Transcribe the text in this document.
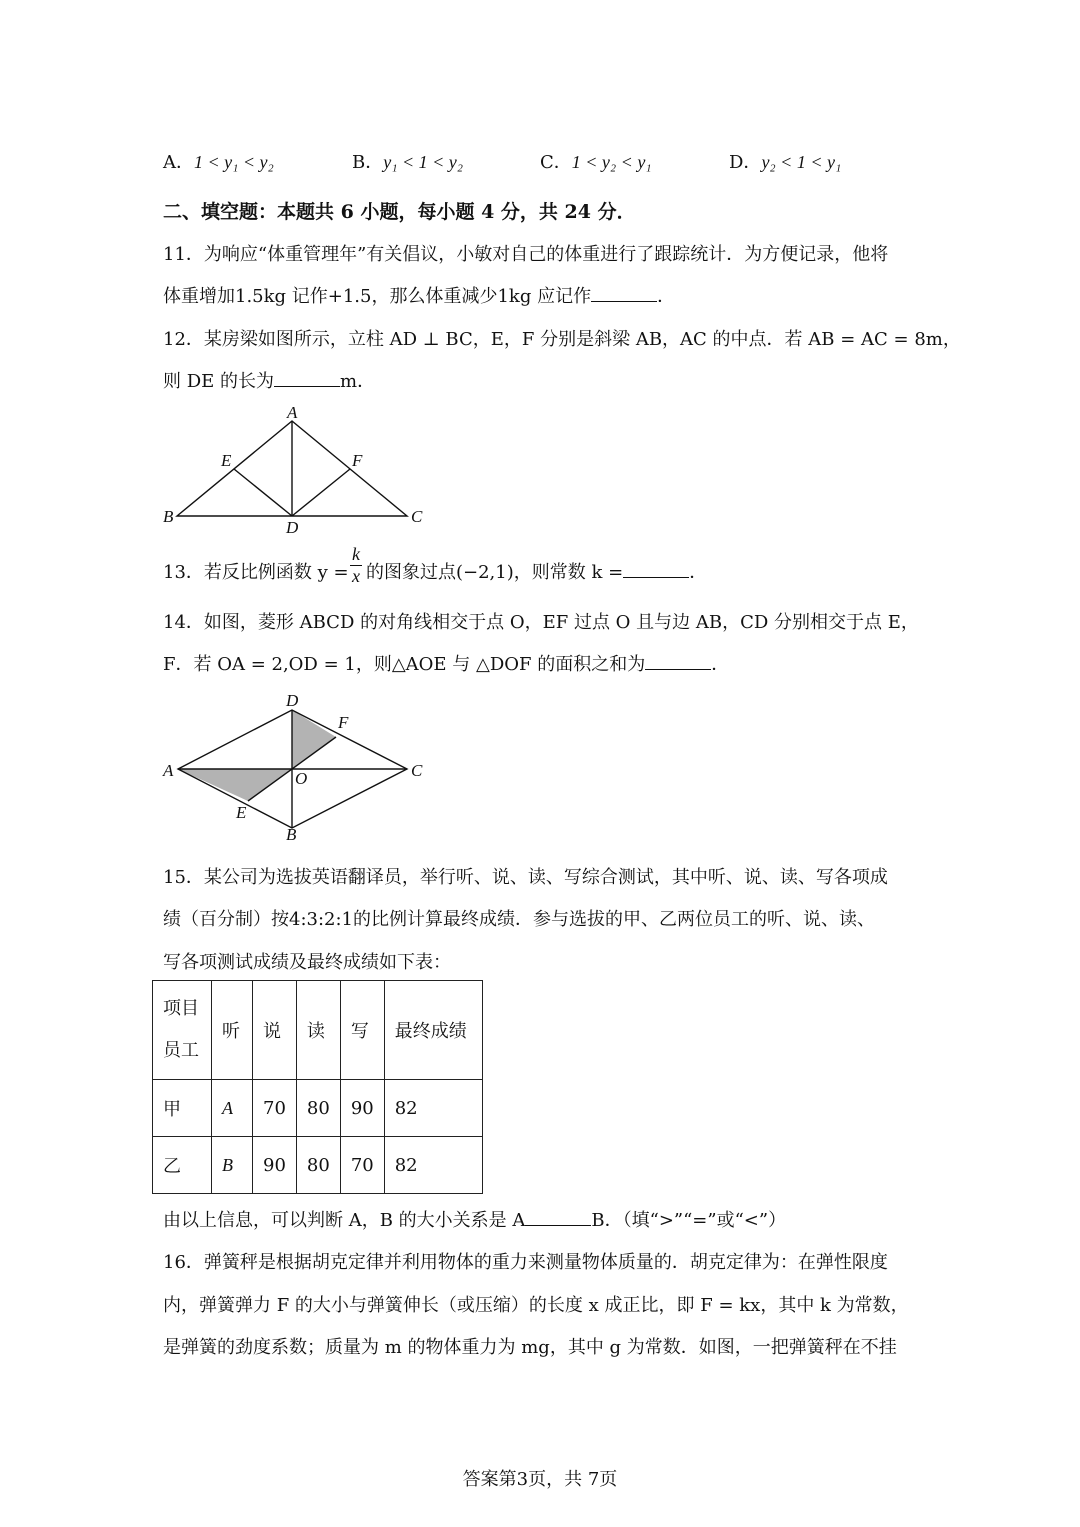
A．1 < y₁ < y₂	B．y₁ < 1 < y₂	C．1 < y₂ < y₁	D．y₂ < 1 < y₁
二、填空题：本题共 6 小题，每小题 4 分，共 24 分．
11．为响应“体重管理年”有关倡议，小敏对自己的体重进行了跟踪统计．为方便记录，他将
体重增加1.5kg 记作+1.5，那么体重减少1kg 应记作	．
12．某房梁如图所示，立柱 AD ⊥ BC，E，F 分别是斜梁 AB，AC 的中点．若 AB = AC = 8m，
则 DE 的长为	m．
A
B	C
D
E	F
13．若反比例函数 $y = \frac{k}{x}$ 的图象过点(−2,1)，则常数 k =	．
14．如图，菱形 ABCD 的对角线相交于点 O，EF 过点 O 且与边 AB，CD 分别相交于点 E，
F．若 OA = 2,OD = 1，则△AOE 与 △DOF 的面积之和为	．
A
D
C
B
F
E
O
15．某公司为选拔英语翻译员，举行听、说、读、写综合测试，其中听、说、读、写各项成
绩（百分制）按4:3:2:1的比例计算最终成绩．参与选拔的甲、乙两位员工的听、说、读、
写各项测试成绩及最终成绩如下表：
项目
员工	听	说	读	写	最终成绩
甲	A	70	80	90	82
乙	B	90	80	70	82
由以上信息，可以判断 A，B 的大小关系是 A	B．（填“>”“=”或“<”）
16．弹簧秤是根据胡克定律并利用物体的重力来测量物体质量的．胡克定律为：在弹性限度
内，弹簧弹力 F 的大小与弹簧伸长（或压缩）的长度 x 成正比，即 F = kx，其中 k 为常数，
是弹簧的劲度系数；质量为 m 的物体重力为 mg，其中 g 为常数．如图，一把弹簧秤在不挂
答案第3页，共 7页
